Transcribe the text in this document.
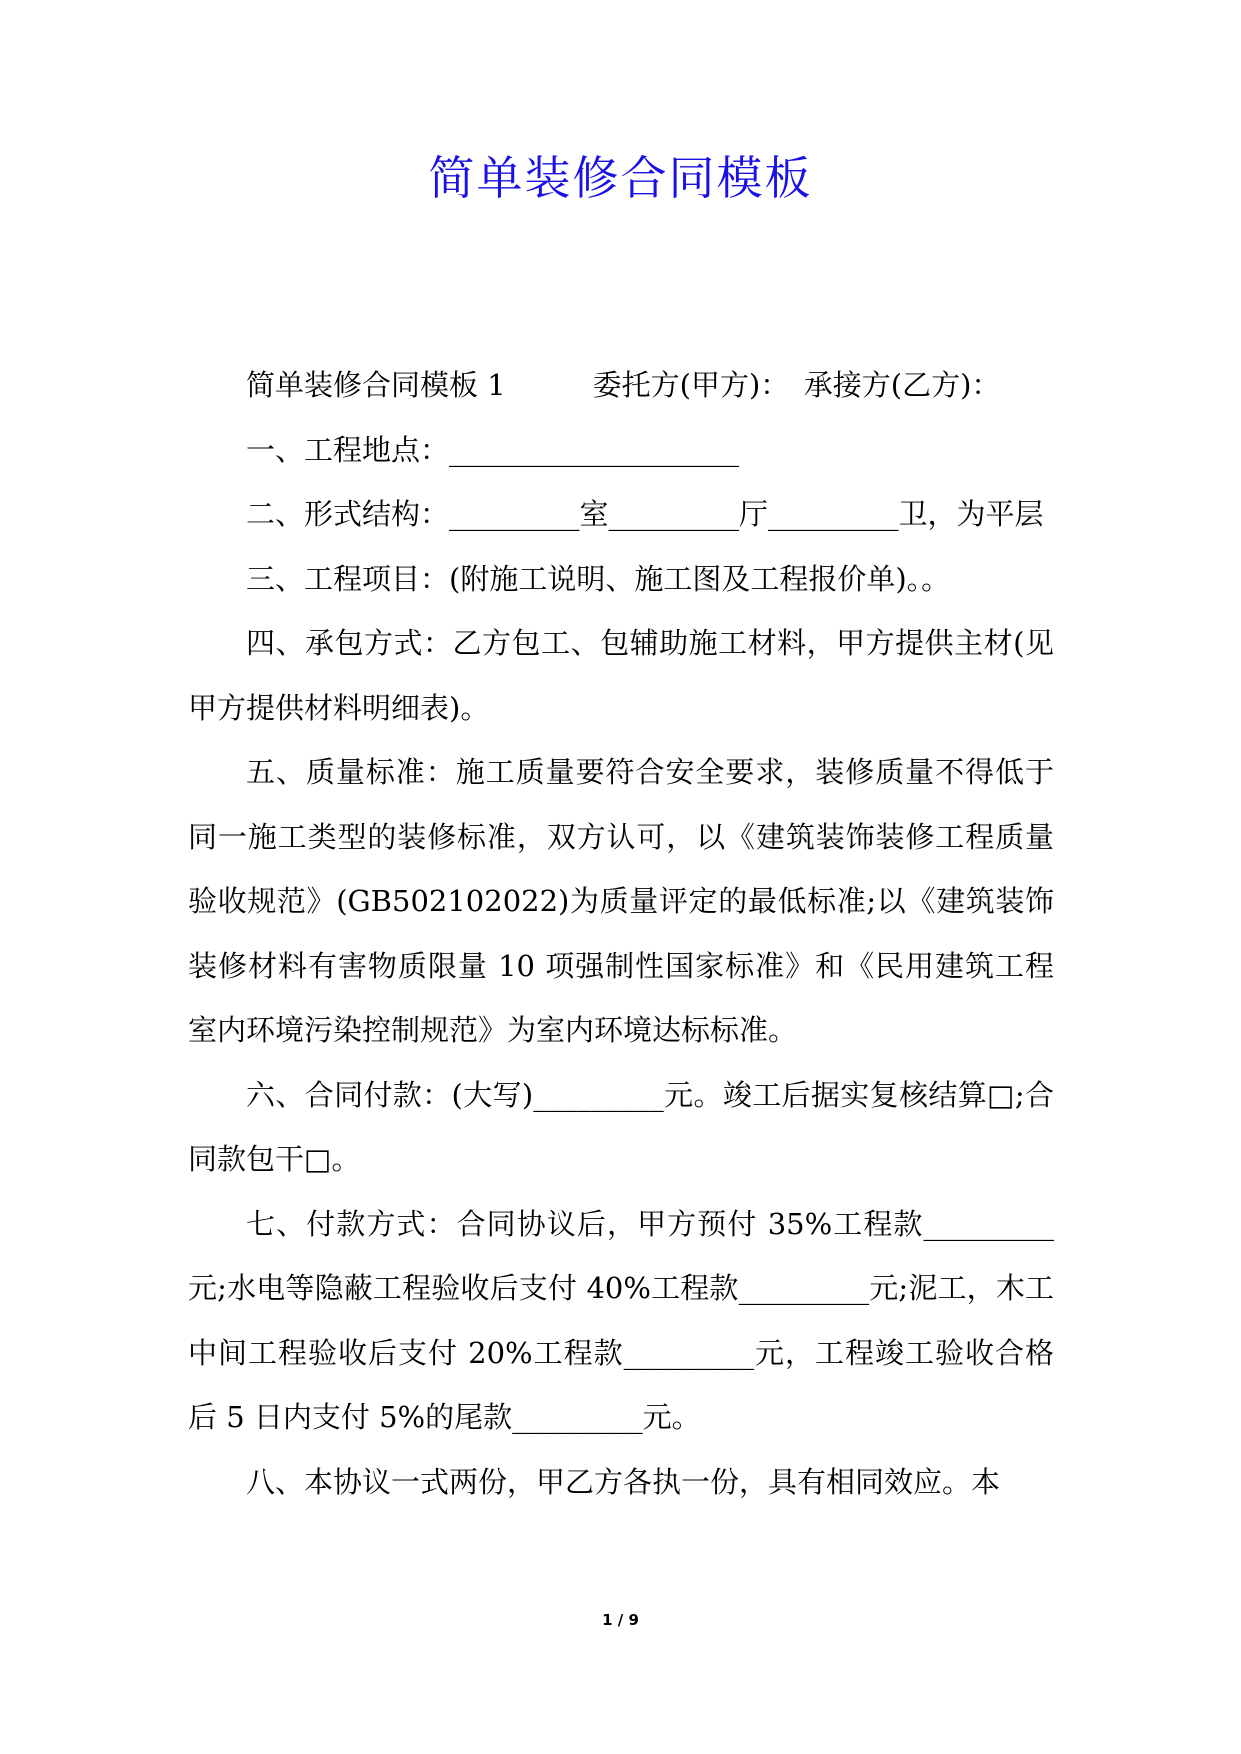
简单装修合同模板

简单装修合同模板 1　　　委托方(甲方)：　承接方(乙方)：

一、工程地点：____________________

二、形式结构：_________室_________厅_________卫，为平层

三、工程项目：(附施工说明、施工图及工程报价单)。。

四、承包方式：乙方包工、包辅助施工材料，甲方提供主材(见甲方提供材料明细表)。

五、质量标准：施工质量要符合安全要求，装修质量不得低于同一施工类型的装修标准，双方认可，以《建筑装饰装修工程质量验收规范》(GB502102022)为质量评定的最低标准;以《建筑装饰装修材料有害物质限量 10 项强制性国家标准》和《民用建筑工程室内环境污染控制规范》为室内环境达标标准。

六、合同付款：(大写)_________元。竣工后据实复核结算□;合同款包干□。

七、付款方式：合同协议后，甲方预付 35%工程款_________元;水电等隐蔽工程验收后支付 40%工程款_________元;泥工，木工中间工程验收后支付 20%工程款_________元，工程竣工验收合格后 5 日内支付 5%的尾款_________元。

八、本协议一式两份，甲乙方各执一份，具有相同效应。本

1 / 9
